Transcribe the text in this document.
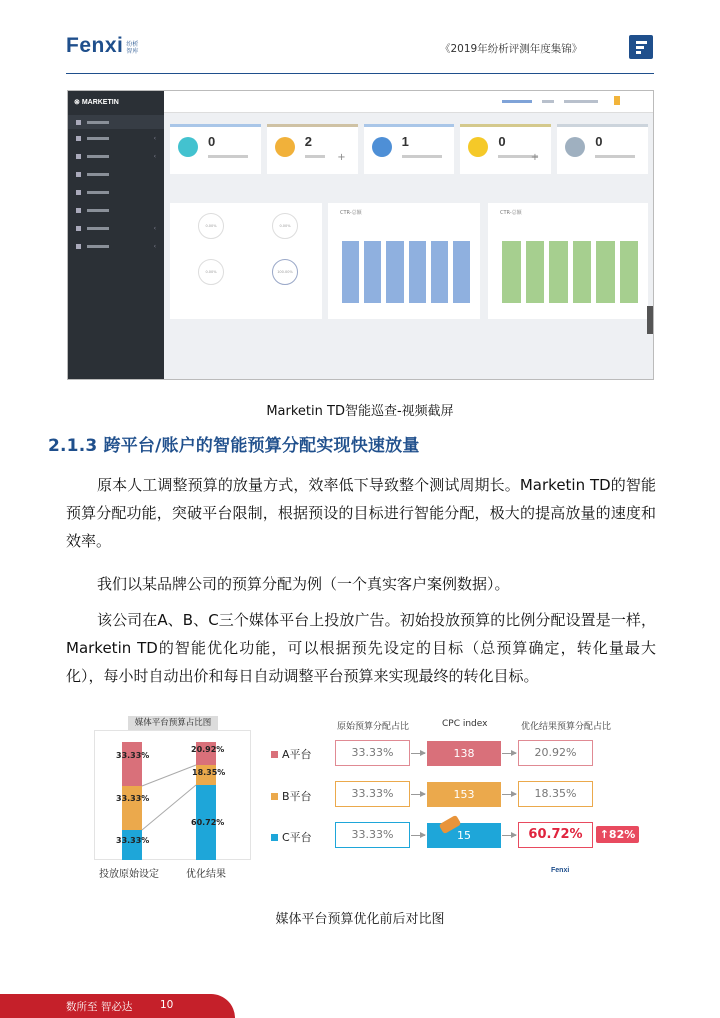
Fenxi 纷析
智库	《2019年纷析评测年度集锦》
⊗ MARKETIN
‹
‹
‹
‹
0	2
+
1	0
+
0
0.00%	0.00%
0.00%	100.00%
CTR-总额	CTR-总额
Marketin TD智能巡查-视频截屏
2.1.3 跨平台/账户的智能预算分配实现快速放量
原本人工调整预算的放量方式，效率低下导致整个测试周期长。Marketin TD的智能预算分配功能，突破平台限制，根据预设的目标进行智能分配，极大的提高放量的速度和效率。
我们以某品牌公司的预算分配为例（一个真实客户案例数据）。
该公司在A、B、C三个媒体平台上投放广告。初始投放预算的比例分配设置是一样，Marketin TD的智能优化功能，可以根据预先设定的目标（总预算确定，转化量最大化），每小时自动出价和每日自动调整平台预算来实现最终的转化目标。
媒体平台预算占比图
33.33%
33.33%
33.33%
20.92%
18.35%
60.72%
投放原始设定	优化结果
原始预算分配占比	CPC index	优化结果预算分配占比
A平台	33.33%	138	20.92%
B平台	33.33%	153	18.35%
C平台	33.33%	15	60.72%	↑82%
Fenxi
媒体平台预算优化前后对比图
数所至 智必达	10
